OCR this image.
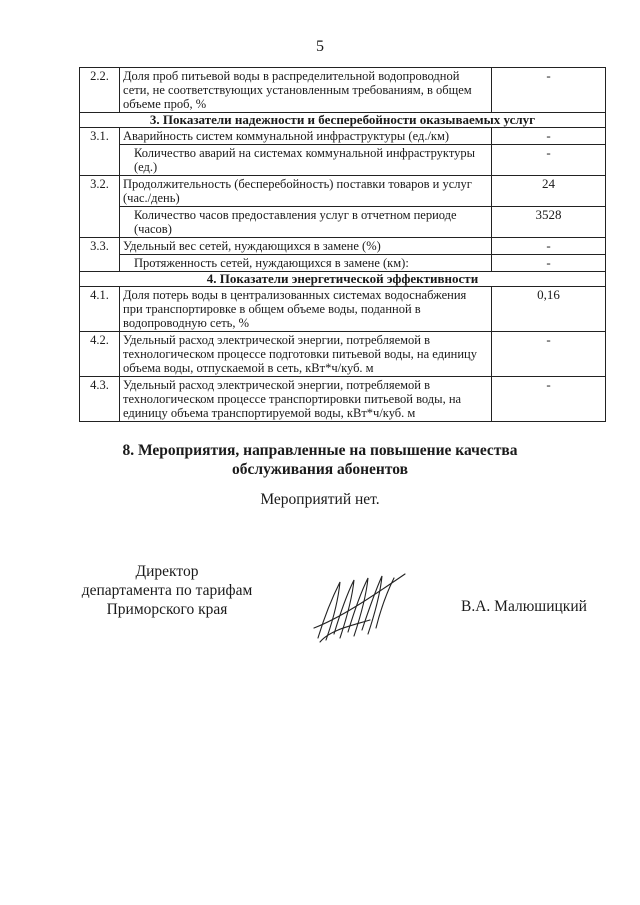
5
2.2.	Доля проб питьевой воды в распределительной водопроводной сети, не соответствующих установленным требованиям, в общем объеме проб, %	-
3. Показатели надежности и бесперебойности оказываемых услуг		
3.1.	Аварийность систем коммунальной инфраструктуры (ед./км)	-
	Количество аварий на системах коммунальной инфраструктуры (ед.)	-
3.2.	Продолжительность (бесперебойность) поставки товаров и услуг (час./день)	24
	Количество часов предоставления услуг в отчетном периоде (часов)	3528
3.3.	Удельный вес сетей, нуждающихся в замене (%)	-
	Протяженность сетей, нуждающихся в замене (км):	-
4. Показатели энергетической эффективности		
4.1.	Доля потерь воды в централизованных системах водоснабжения при транспортировке в общем объеме воды, поданной в водопроводную сеть, %	0,16
4.2.	Удельный расход электрической энергии, потребляемой в технологическом процессе подготовки питьевой воды, на единицу объема воды, отпускаемой в сеть, кВт*ч/куб. м	-
4.3.	Удельный расход электрической энергии, потребляемой в технологическом процессе транспортировки питьевой воды, на единицу объема транспортируемой воды, кВт*ч/куб. м	-
8. Мероприятия, направленные на повышение качества
обслуживания абонентов
Мероприятий нет.
Директор
департамента по тарифам
Приморского края	В.А. Малюшицкий
